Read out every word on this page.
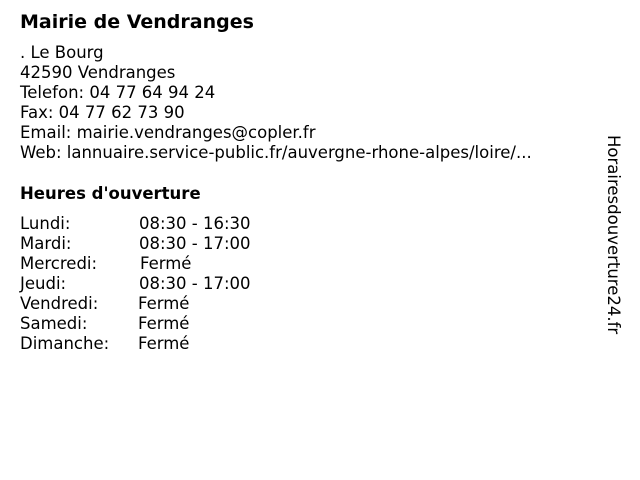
Mairie de Vendranges
. Le Bourg
42590 Vendranges
Telefon: 04 77 64 94 24
Fax: 04 77 62 73 90
Email: mairie.vendranges@copler.fr
Web: lannuaire.service-public.fr/auvergne-rhone-alpes/loire/...
Heures d'ouverture
Lundi:	08:30 - 16:30
Mardi:	08:30 - 17:00
Mercredi:	Fermé
Jeudi:	08:30 - 17:00
Vendredi: Fermé
Samedi:	Fermé
Dimanche: Fermé
Horairesdouverture24.fr
